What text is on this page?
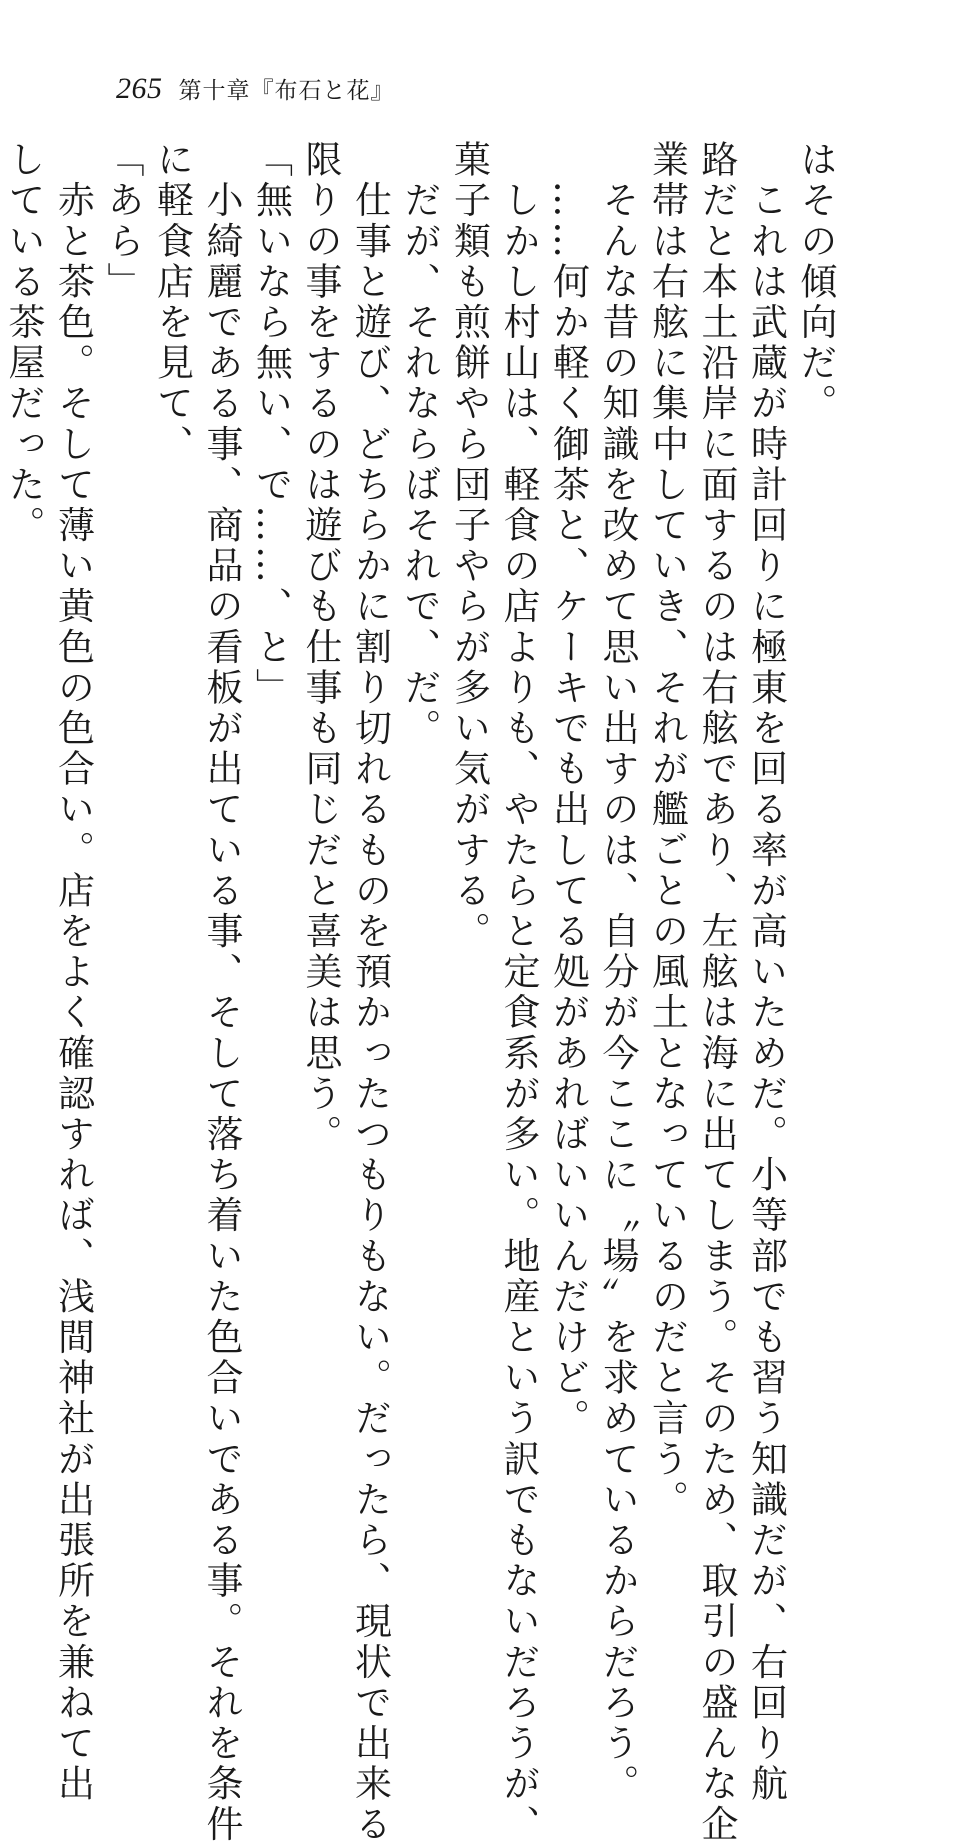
265 第十章『布石と花』

はその傾向だ。

　これは武蔵が時計回りに極東を回る率が高いためだ。小等部でも習う知識だが、右回り航

路だと本土沿岸に面するのは右舷であり、左舷は海に出てしまう。そのため、取引の盛んな企

業帯は右舷に集中していき、それが艦ごとの風土となっているのだと言う。

　そんな昔の知識を改めて思い出すのは、自分が今ここに〝場〟を求めているからだろう。

　……何か軽く御茶と、ケーキでも出してる処があればいいんだけど。

　しかし村山は、軽食の店よりも、やたらと定食系が多い。地産という訳でもないだろうが、

菓子類も煎餅やら団子やらが多い気がする。

　だが、それならばそれで、だ。

　仕事と遊び、どちらかに割り切れるものを預かったつもりもない。だったら、現状で出来る

限りの事をするのは遊びも仕事も同じだと喜美は思う。

「無いなら無い、で……、と」

　小綺麗である事、商品の看板が出ている事、そして落ち着いた色合いである事。それを条件

に軽食店を見て、

「あら」

　赤と茶色。そして薄い黄色の色合い。店をよく確認すれば、浅間神社が出張所を兼ねて出

している茶屋だった。
